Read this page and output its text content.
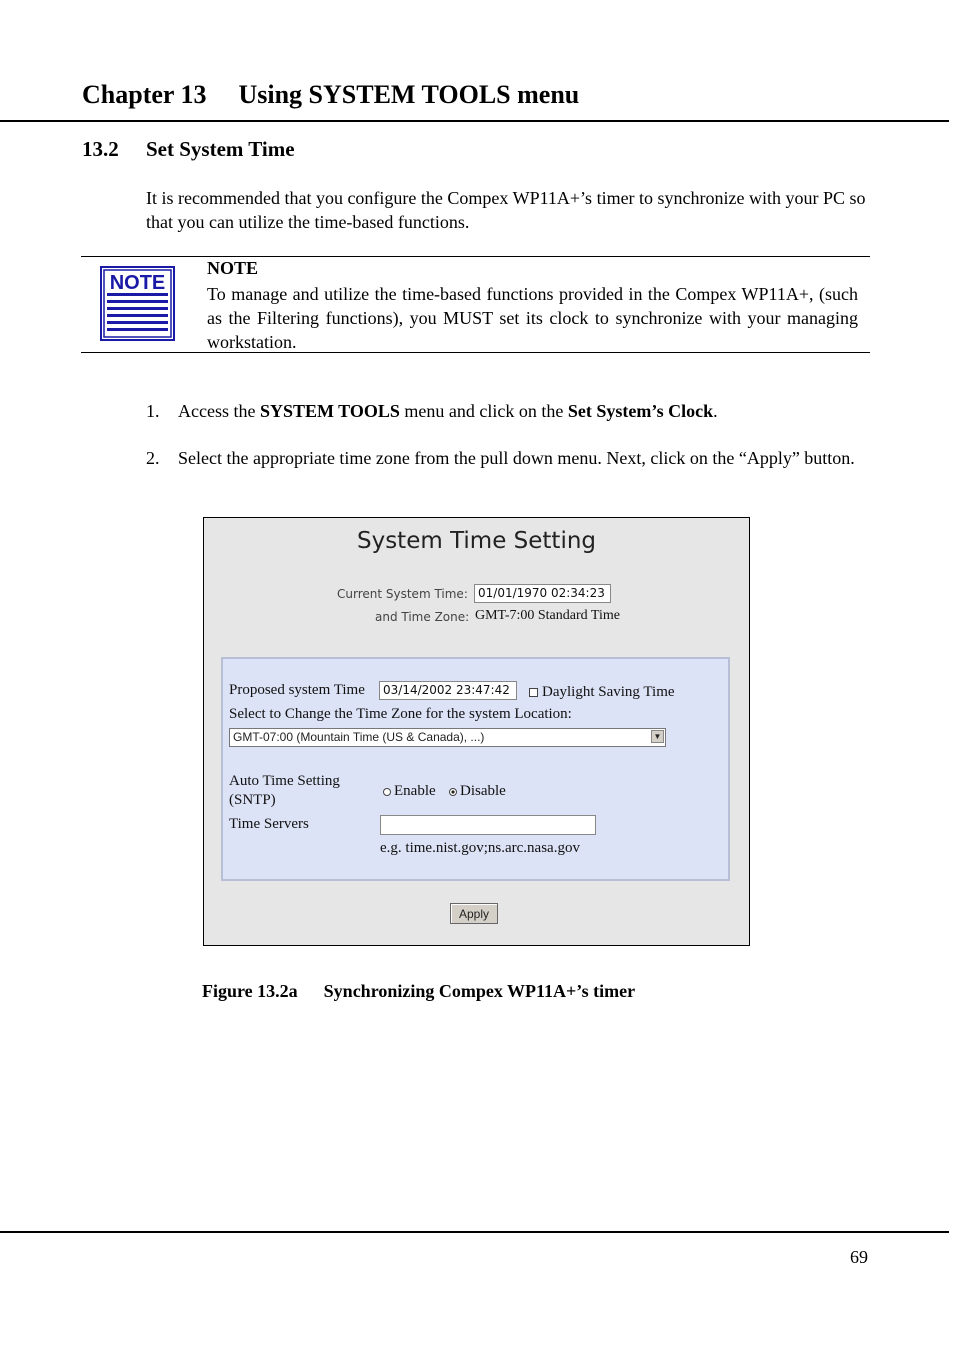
Chapter 13 Using SYSTEM TOOLS menu
13.2 Set System Time
It is recommended that you configure the Compex WP11A+’s timer to synchronize with your PC so that you can utilize the time-based functions.
NOTE
NOTE
To manage and utilize the time-based functions provided in the Compex WP11A+, (such as the Filtering functions), you MUST set its clock to synchronize with your managing workstation.
1. Access the SYSTEM TOOLS menu and click on the Set System’s Clock.
2. Select the appropriate time zone from the pull down menu. Next, click on the “Apply” button.
System Time Setting
Current System Time: 01/01/1970 02:34:23
and Time Zone: GMT-7:00 Standard Time
Proposed system Time	03/14/2002 23:47:42	Daylight Saving Time
Select to Change the Time Zone for the system Location:
GMT-07:00 (Mountain Time (US & Canada), ...)	▼
Auto Time Setting
(SNTP)
Enable	Disable
Time Servers
e.g. time.nist.gov;ns.arc.nasa.gov
Apply
Figure 13.2a Synchronizing Compex WP11A+’s timer
69
